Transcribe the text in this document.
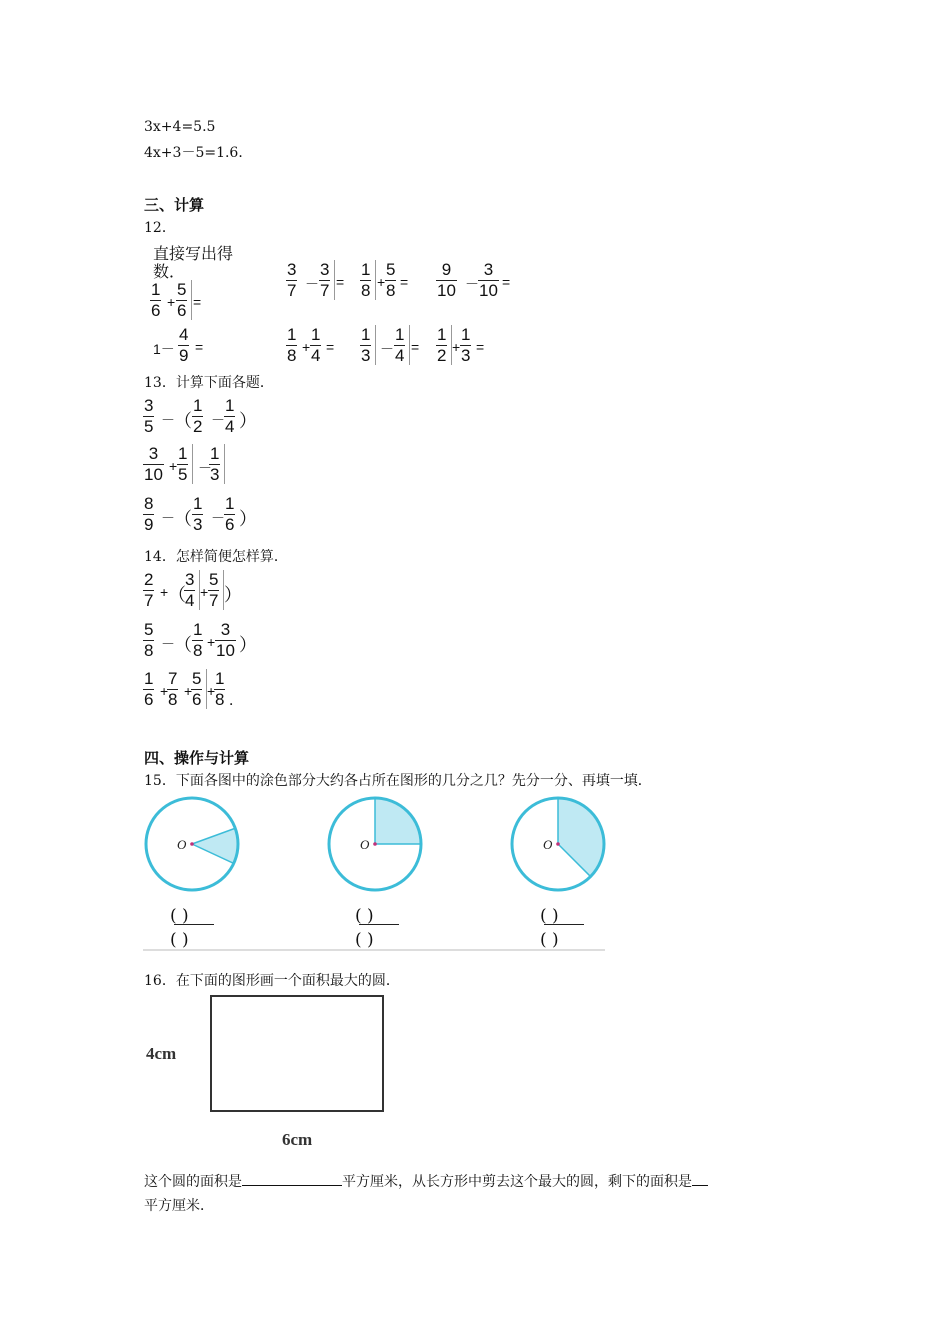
3x+4=5.5
4x+3－5=1.6．
三、计算
12．
直接写出得
数．
$\frac{1}{6} + \frac{5}{6}$ =
$\frac{3}{7} - \frac{3}{7} = \frac{1}{8} + \frac{5}{8} = \frac{9}{10} - \frac{3}{10}$ =
$1- \frac{4}{9}$ =	$\frac{1}{8} + \frac{1}{4} = \frac{1}{3} - \frac{1}{4} = \frac{1}{2} + \frac{1}{3}$ =
13．计算下面各题．
$\frac{3}{5}$ － （ $\frac{1}{2} - \frac{1}{4}$ ）
$\frac{3}{10} + \frac{1}{5}$ －
$\frac{1}{3}$
$\frac{8}{9}$ － （ $\frac{1}{3} - \frac{1}{6}$ ）
14．怎样简便怎样算．
$\frac{2}{7}$ + （
$\frac{3}{4} + \frac{5}{7}$ ）
$\frac{5}{8}$ － （ $\frac{1}{8} + \frac{3}{10}$ ）
$\frac{1}{6}$ +
$\frac{7}{8}$ +
$\frac{5}{6}$ +
$\frac{1}{8}$ ．
四、操作与计算
15．下面各图中的涂色部分大约各占所在图形的几分之几？先分一分、再填一填．
O	O	O
( )
( )
( )
( )
( )
( )
16．在下面的图形画一个面积最大的圆．
4cm
6cm
这个圆的面积是	平方厘米，从长方形中剪去这个最大的圆，剩下的面积是
平方厘米．
